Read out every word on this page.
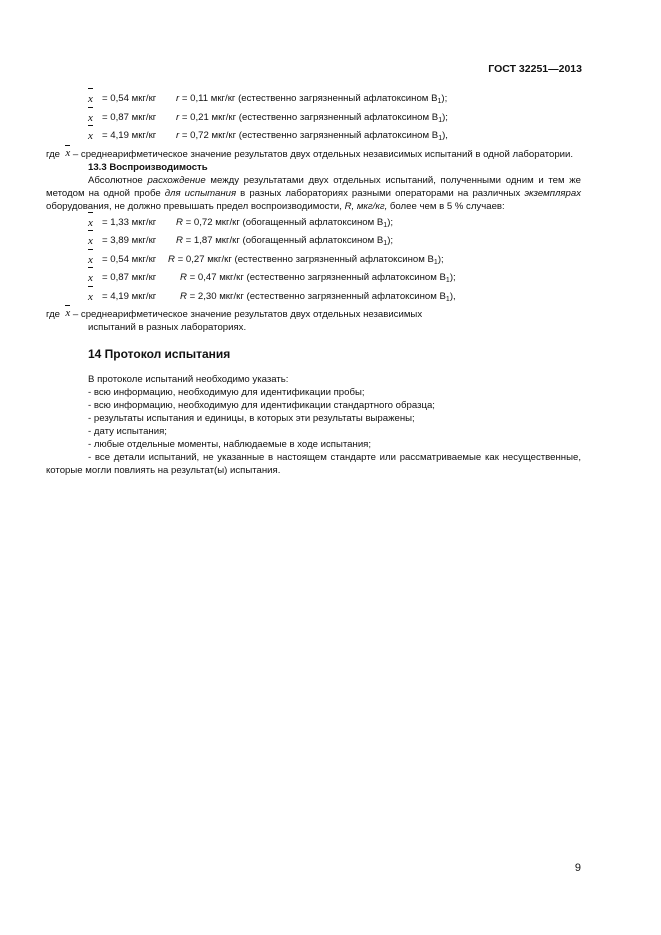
ГОСТ 32251—2013
x = 0,54 мкг/кг r = 0,11 мкг/кг (естественно загрязненный афлатоксином $B_1$);
x = 0,87 мкг/кг r = 0,21 мкг/кг (естественно загрязненный афлатоксином $B_1$);
x = 4,19 мкг/кг r = 0,72 мкг/кг (естественно загрязненный афлатоксином $B_1$),

где x – среднеарифметическое значение результатов двух отдельных независимых испытаний в одной лаборатории.

13.3 Воспроизводимость

Абсолютное расхождение между результатами двух отдельных испытаний, полученными одним и тем же методом на одной пробе для испытания в разных лабораториях разными операторами на различных экземплярах оборудования, не должно превышать предел воспроизводимости, R, мкг/кг, более чем в 5 % случаев:

x = 1,33 мкг/кг R = 0,72 мкг/кг (обогащенный афлатоксином $B_1$);
x = 3,89 мкг/кг R = 1,87 мкг/кг (обогащенный афлатоксином $B_1$);
x = 0,54 мкг/кг R = 0,27 мкг/кг (естественно загрязненный афлатоксином $B_1$);
x = 0,87 мкг/кг R = 0,47 мкг/кг (естественно загрязненный афлатоксином $B_1$);
x = 4,19 мкг/кг R = 2,30 мкг/кг (естественно загрязненный афлатоксином $B_1$),

где x – среднеарифметическое значение результатов двух отдельных независимых

испытаний в разных лабораториях.

14 Протокол испытания

В протоколе испытаний необходимо указать:

- всю информацию, необходимую для идентификации пробы;

- всю информацию, необходимую для идентификации стандартного образца;

- результаты испытания и единицы, в которых эти результаты выражены;

- дату испытания;

- любые отдельные моменты, наблюдаемые в ходе испытания;

- все детали испытаний, не указанные в настоящем стандарте или рассматриваемые как несущественные, которые могли повлиять на результат(ы) испытания.

9
